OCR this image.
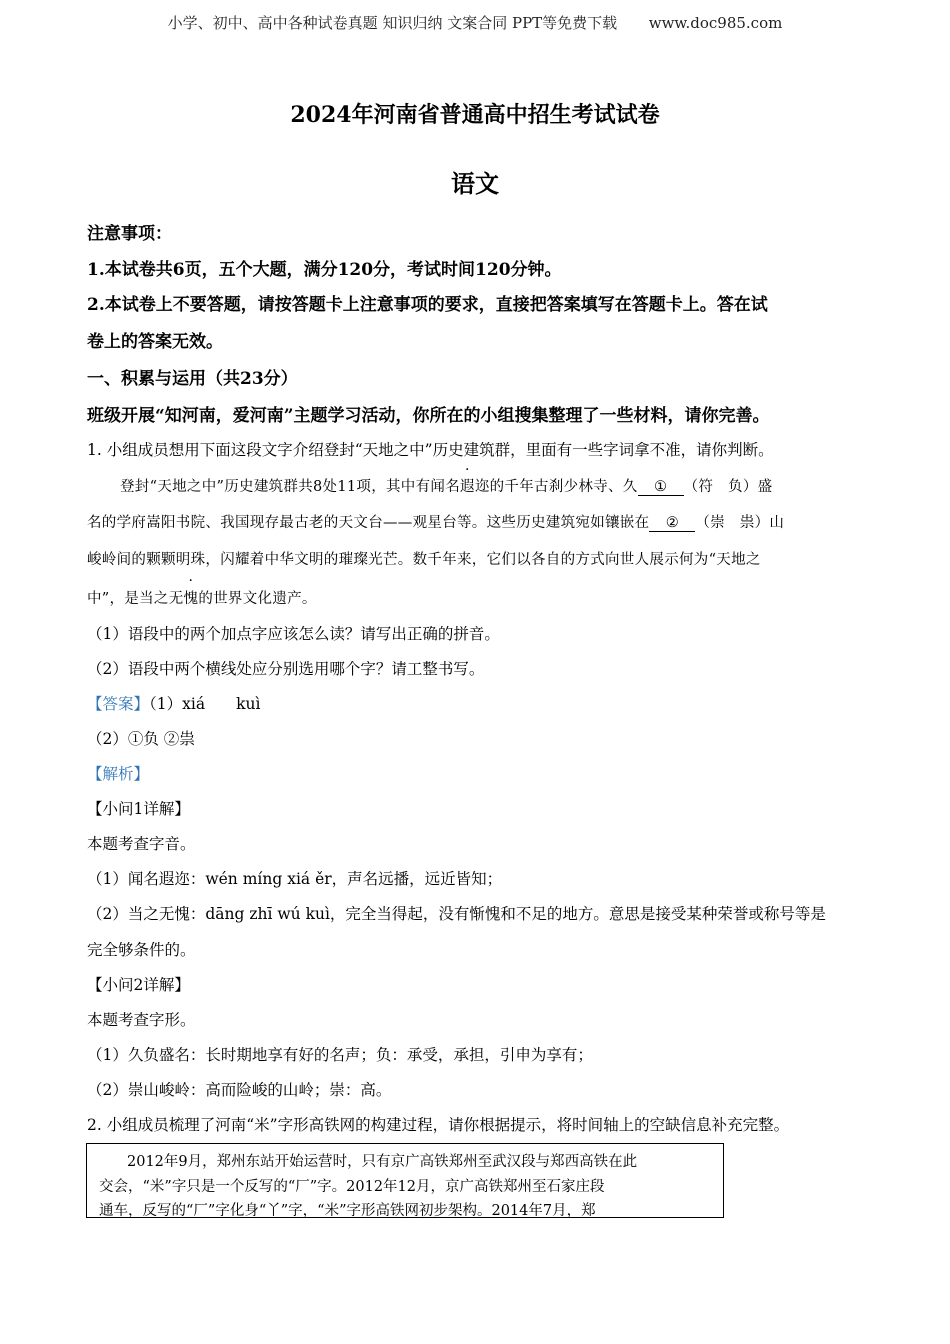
小学、初中、高中各种试卷真题 知识归纳 文案合同 PPT等免费下载 www.doc985.com
2024年河南省普通高中招生考试试卷
语文
注意事项：
1.本试卷共6页，五个大题，满分120分，考试时间120分钟。
2.本试卷上不要答题，请按答题卡上注意事项的要求，直接把答案填写在答题卡上。答在试
卷上的答案无效。
一、积累与运用（共23分）
班级开展“知河南，爱河南”主题学习活动，你所在的小组搜集整理了一些材料，请你完善。
1. 小组成员想用下面这段文字介绍登封“天地之中”历史建筑群，里面有一些字词拿不准，请你判断。
登封“天地之中”历史建筑群共8处11项，其中有闻名遐迩的千年古刹少林寺、久 ① （符　负）盛
名的学府嵩阳书院、我国现存最古老的天文台——观星台等。这些历史建筑宛如镶嵌在 ② （崇　祟）山
峻岭间的颗颗明珠，闪耀着中华文明的璀璨光芒。数千年来，它们以各自的方式向世人展示何为“天地之
中”，是当之无愧的世界文化遗产。
（1）语段中的两个加点字应该怎么读？请写出正确的拼音。
（2）语段中两个横线处应分别选用哪个字？请工整书写。
【答案】（1）xiá　　kuì
（2）①负 ②祟
【解析】
【小问1详解】
本题考查字音。
（1）闻名遐迩：wén míng xiá ěr，声名远播，远近皆知；
（2）当之无愧：dāng zhī wú kuì，完全当得起，没有惭愧和不足的地方。意思是接受某种荣誉或称号等是
完全够条件的。
【小问2详解】
本题考查字形。
（1）久负盛名：长时期地享有好的名声；负：承受，承担，引申为享有；
（2）崇山峻岭：高而险峻的山岭；崇：高。
2. 小组成员梳理了河南“米”字形高铁网的构建过程，请你根据提示，将时间轴上的空缺信息补充完整。
2012年9月，郑州东站开始运营时，只有京广高铁郑州至武汉段与郑西高铁在此
交会，“米”字只是一个反写的“厂”字。2012年12月，京广高铁郑州至石家庄段
通车，反写的“厂”字化身“丫”字，“米”字形高铁网初步架构。2014年7月，郑
